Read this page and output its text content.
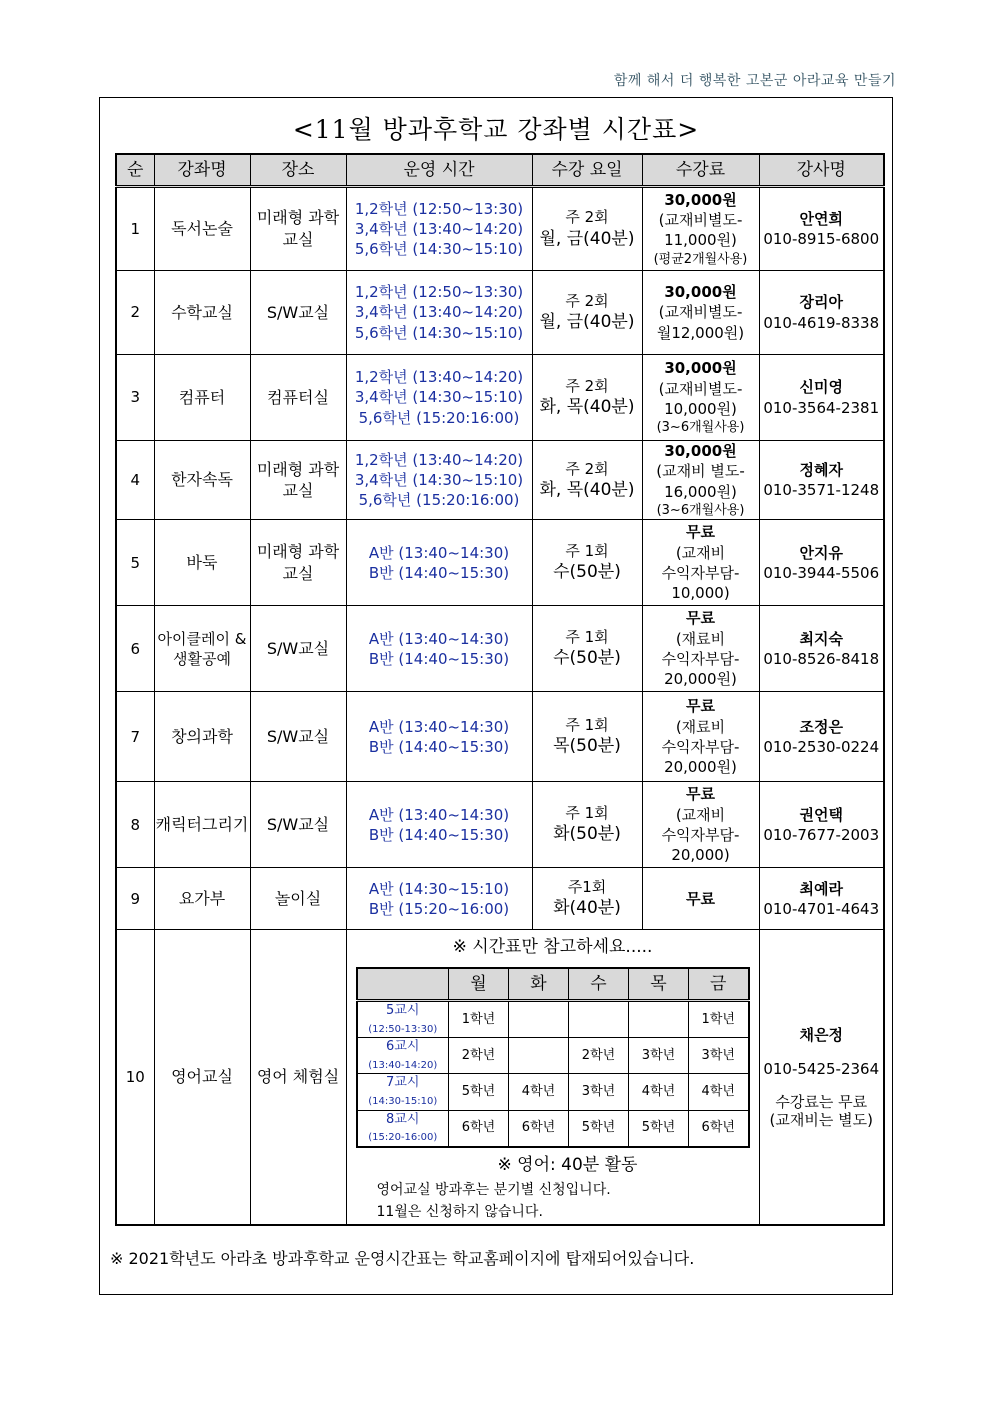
함께 해서 더 행복한 고본군 아라교육 만들기
<11월 방과후학교 강좌별 시간표>
순	강좌명	장소	운영 시간	수강 요일	수강료	강사명
1	독서논술	미래형 과학교실	
1,2학년 (12:50~13:30)
3,4학년 (13:40~14:20)
5,6학년 (14:30~15:10)

주 2회
월, 금(40분)

30,000원
(교재비별도-
11,000원)
(평균2개월사용)

안연희
010-8915-6800

2	수학교실	S/W교실	
1,2학년 (12:50~13:30)
3,4학년 (13:40~14:20)
5,6학년 (14:30~15:10)

주 2회
월, 금(40분)

30,000원
(교재비별도-
월12,000원)

장리아
010-4619-8338

3	컴퓨터	컴퓨터실	
1,2학년 (13:40~14:20)
3,4학년 (14:30~15:10)
5,6학년 (15:20:16:00)

주 2회
화, 목(40분)

30,000원
(교재비별도-
10,000원)
(3~6개월사용)

신미영
010-3564-2381

4	한자속독	미래형 과학교실	
1,2학년 (13:40~14:20)
3,4학년 (14:30~15:10)
5,6학년 (15:20:16:00)

주 2회
화, 목(40분)

30,000원
(교재비 별도-
16,000원)
(3~6개월사용)

정혜자
010-3571-1248

5	바둑	미래형 과학교실	
A반 (13:40~14:30)
B반 (14:40~15:30)

주 1회
수(50분)

무료
(교재비
수익자부담-
10,000)

안지유
010-3944-5506

6	아이클레이 &생활공예	S/W교실	
A반 (13:40~14:30)
B반 (14:40~15:30)

주 1회
수(50분)

무료
(재료비
수익자부담-
20,000원)

최지숙
010-8526-8418

7	창의과학	S/W교실	
A반 (13:40~14:30)
B반 (14:40~15:30)

주 1회
목(50분)

무료
(재료비
수익자부담-
20,000원)

조정은
010-2530-0224

8	캐릭터그리기	S/W교실	
A반 (13:40~14:30)
B반 (14:40~15:30)

주 1회
화(50분)

무료
(교재비
수익자부담-
20,000)

권언택
010-7677-2003

9	요가부	놀이실	
A반 (14:30~15:10)
B반 (15:20~16:00)

주1회
화(40분)	무료

최예라
010-4701-4643

10	영어교실	영어 체험실	
※ 시간표만 참고하세요.....
	월	화	수	목	금

5교시
(12:50-13:30)	1학년				1학년

6교시
(13:40-14:20)	2학년		2학년	3학년	3학년

7교시
(14:30-15:10)	5학년	4학년	3학년	4학년	4학년

8교시
(15:20-16:00)	6학년	6학년	5학년	5학년	6학년
※ 영어: 40분 활동
영어교실 방과후는 분기별 신청입니다.
11월은 신청하지 않습니다.

채은정
010-5425-2364
수강료는 무료
(교재비는 별도)
※ 2021학년도 아라초 방과후학교 운영시간표는 학교홈페이지에 탑재되어있습니다.
